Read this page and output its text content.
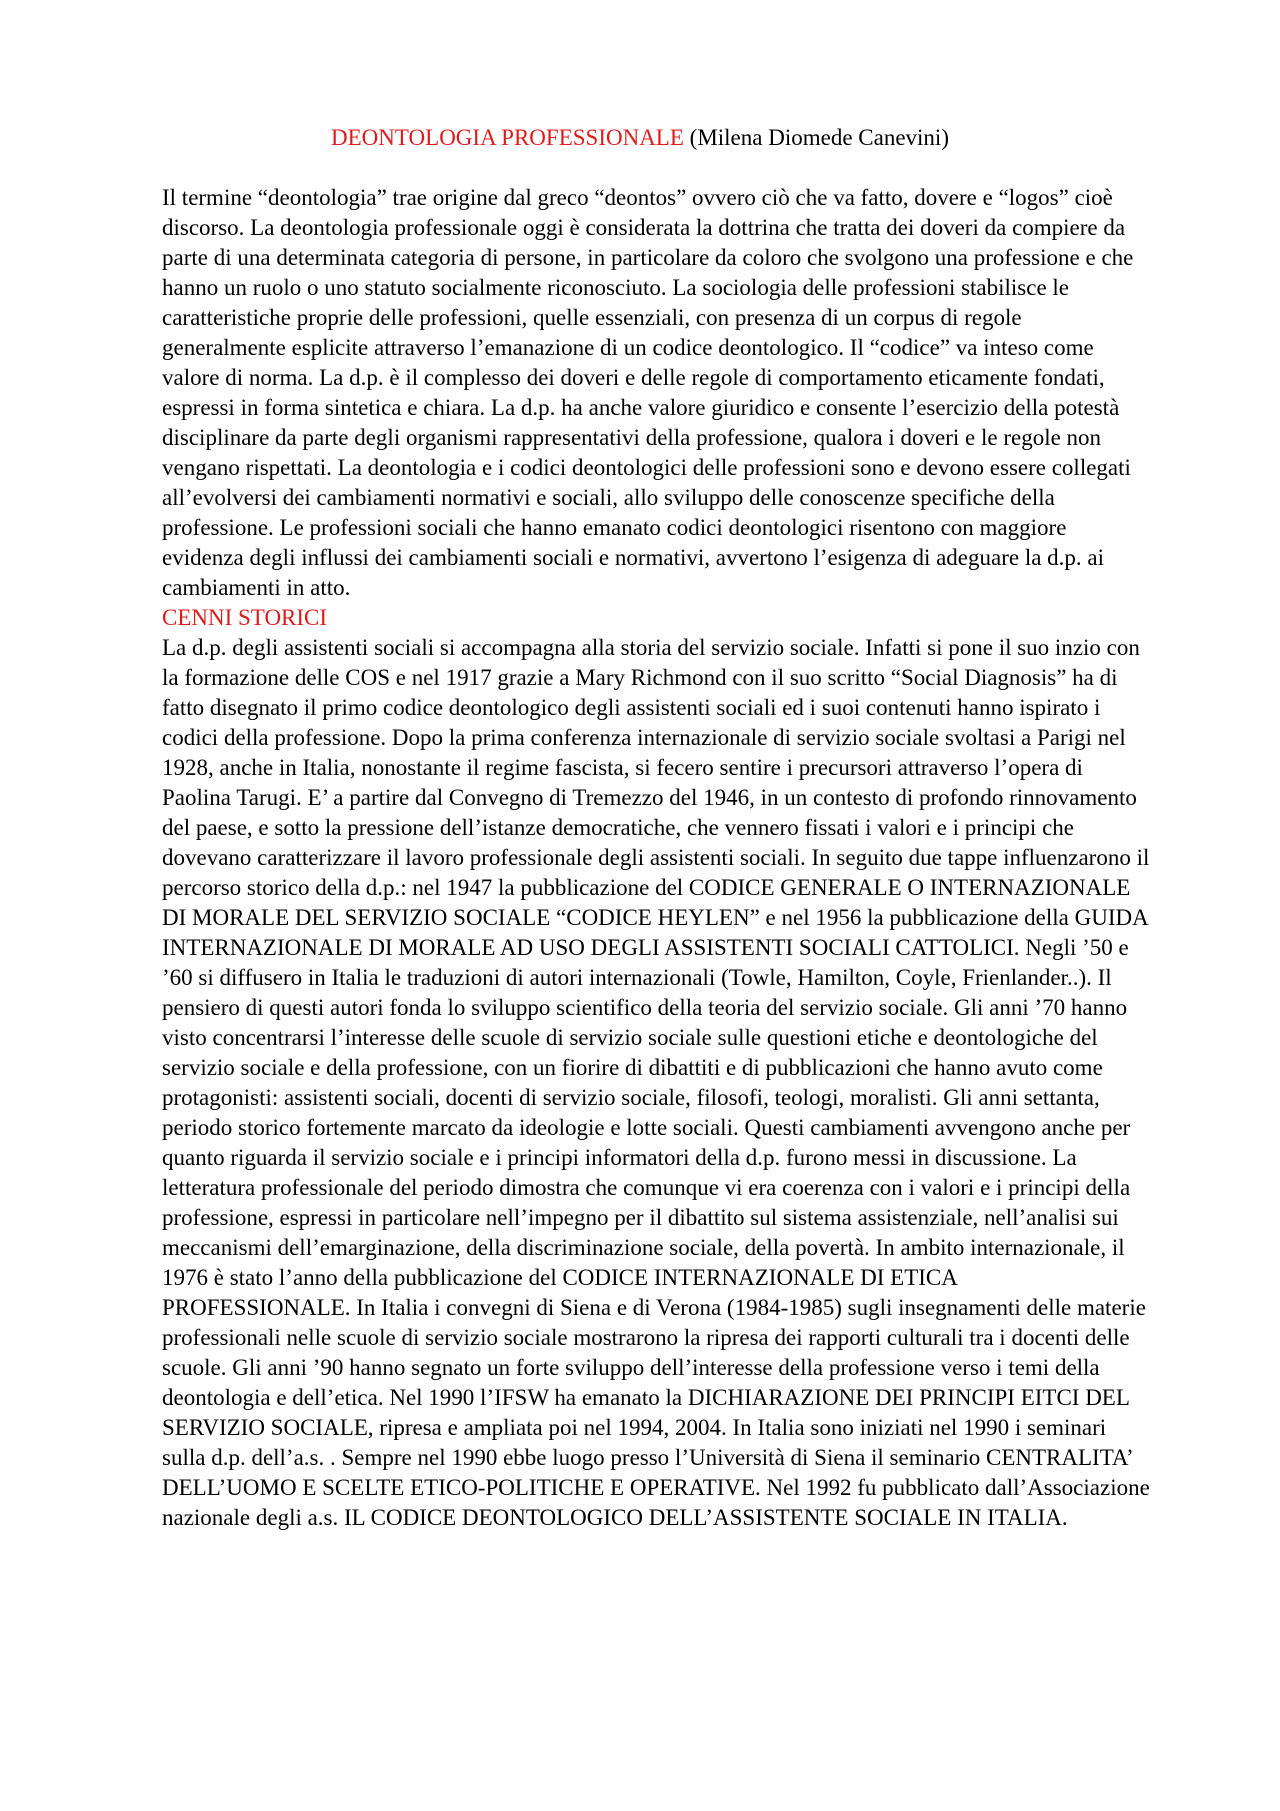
DEONTOLOGIA PROFESSIONALE (Milena Diomede Canevini)

Il termine “deontologia” trae origine dal greco “deontos” ovvero ciò che va fatto, dovere e “logos” cioè discorso. La deontologia professionale oggi è considerata la dottrina che tratta dei doveri da compiere da parte di una determinata categoria di persone, in particolare da coloro che svolgono una professione e che hanno un ruolo o uno statuto socialmente riconosciuto. La sociologia delle professioni stabilisce le caratteristiche proprie delle professioni, quelle essenziali, con presenza di un corpus di regole generalmente esplicite attraverso l’emanazione di un codice deontologico. Il “codice” va inteso come valore di norma. La d.p. è il complesso dei doveri e delle regole di comportamento eticamente fondati, espressi in forma sintetica e chiara. La d.p. ha anche valore giuridico e consente l’esercizio della potestà disciplinare da parte degli organismi rappresentativi della professione, qualora i doveri e le regole non vengano rispettati. La deontologia e i codici deontologici delle professioni sono e devono essere collegati all’evolversi dei cambiamenti normativi e sociali, allo sviluppo delle conoscenze specifiche della professione. Le professioni sociali che hanno emanato codici deontologici risentono con maggiore evidenza degli influssi dei cambiamenti sociali e normativi, avvertono l’esigenza di adeguare la d.p. ai cambiamenti in atto.

CENNI STORICI

La d.p. degli assistenti sociali si accompagna alla storia del servizio sociale. Infatti si pone il suo inzio con la formazione delle COS e nel 1917 grazie a Mary Richmond con il suo scritto “Social Diagnosis” ha di fatto disegnato il primo codice deontologico degli assistenti sociali ed i suoi contenuti hanno ispirato i codici della professione. Dopo la prima conferenza internazionale di servizio sociale svoltasi a Parigi nel 1928, anche in Italia, nonostante il regime fascista, si fecero sentire i precursori attraverso l’opera di Paolina Tarugi. E’ a partire dal Convegno di Tremezzo del 1946, in un contesto di profondo rinnovamento del paese, e sotto la pressione dell’istanze democratiche, che vennero fissati i valori e i principi che dovevano caratterizzare il lavoro professionale degli assistenti sociali. In seguito due tappe influenzarono il percorso storico della d.p.: nel 1947 la pubblicazione del CODICE GENERALE O INTERNAZIONALE DI MORALE DEL SERVIZIO SOCIALE “CODICE HEYLEN” e nel 1956 la pubblicazione della GUIDA INTERNAZIONALE DI MORALE AD USO DEGLI ASSISTENTI SOCIALI CATTOLICI. Negli ’50 e ’60 si diffusero in Italia le traduzioni di autori internazionali (Towle, Hamilton, Coyle, Frienlander..). Il pensiero di questi autori fonda lo sviluppo scientifico della teoria del servizio sociale. Gli anni ’70 hanno visto concentrarsi l’interesse delle scuole di servizio sociale sulle questioni etiche e deontologiche del servizio sociale e della professione, con un fiorire di dibattiti e di pubblicazioni che hanno avuto come protagonisti: assistenti sociali, docenti di servizio sociale, filosofi, teologi, moralisti. Gli anni settanta, periodo storico fortemente marcato da ideologie e lotte sociali. Questi cambiamenti avvengono anche per quanto riguarda il servizio sociale e i principi informatori della d.p. furono messi in discussione. La letteratura professionale del periodo dimostra che comunque vi era coerenza con i valori e i principi della professione, espressi in particolare nell’impegno per il dibattito sul sistema assistenziale, nell’analisi sui meccanismi dell’emarginazione, della discriminazione sociale, della povertà. In ambito internazionale, il 1976 è stato l’anno della pubblicazione del CODICE INTERNAZIONALE DI ETICA PROFESSIONALE. In Italia i convegni di Siena e di Verona (1984-1985) sugli insegnamenti delle materie professionali nelle scuole di servizio sociale mostrarono la ripresa dei rapporti culturali tra i docenti delle scuole. Gli anni ’90 hanno segnato un forte sviluppo dell’interesse della professione verso i temi della deontologia e dell’etica. Nel 1990 l’IFSW ha emanato la DICHIARAZIONE DEI PRINCIPI EITCI DEL SERVIZIO SOCIALE, ripresa e ampliata poi nel 1994, 2004. In Italia sono iniziati nel 1990 i seminari sulla d.p. dell’a.s. . Sempre nel 1990 ebbe luogo presso l’Università di Siena il seminario CENTRALITA’ DELL’UOMO E SCELTE ETICO-POLITICHE E OPERATIVE. Nel 1992 fu pubblicato dall’Associazione nazionale degli a.s. IL CODICE DEONTOLOGICO DELL’ASSISTENTE SOCIALE IN ITALIA.
